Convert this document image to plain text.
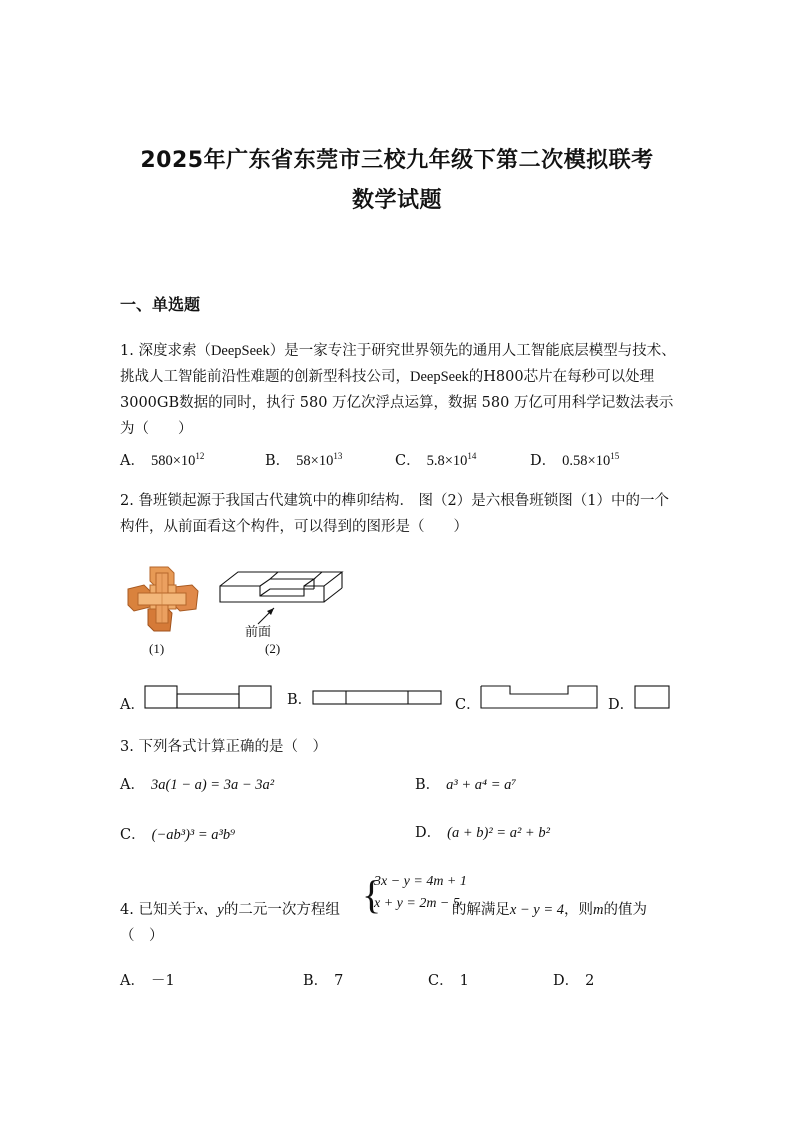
2025年广东省东莞市三校九年级下第二次模拟联考
数学试题
一、单选题
1. 深度求索（DeepSeek）是一家专注于研究世界领先的通用人工智能底层模型与技术、挑战人工智能前沿性难题的创新型科技公司，DeepSeek的H800芯片在每秒可以处理3000GB数据的同时，执行 580 万亿次浮点运算，数据 580 万亿可用科学记数法表示为（　　）
A． $580\times 10^{12}$	B． $58\times 10^{13}$	C． $5.8\times 10^{14}$	D． $0.58\times 10^{15}$
2. 鲁班锁起源于我国古代建筑中的榫卯结构． 图（2）是六根鲁班锁图（1）中的一个构件，从前面看这个构件，可以得到的图形是（　　）
(1)
前面
(2)
A．	B．	C．	D．
3. 下列各式计算正确的是（　）
A． 3a(1 − a) = 3a − 3a²	B． a³ + a⁴ = a⁷
C． (−ab³)³ = a³b⁹	D． (a + b)² = a² + b²
{
3x − y = 4m + 1
x + y = 2m − 5
4. 已知关于x、y的二元一次方程组	的解满足x − y = 4，则m的值为（　）
A． －1	B． 7	C． 1	D． 2
